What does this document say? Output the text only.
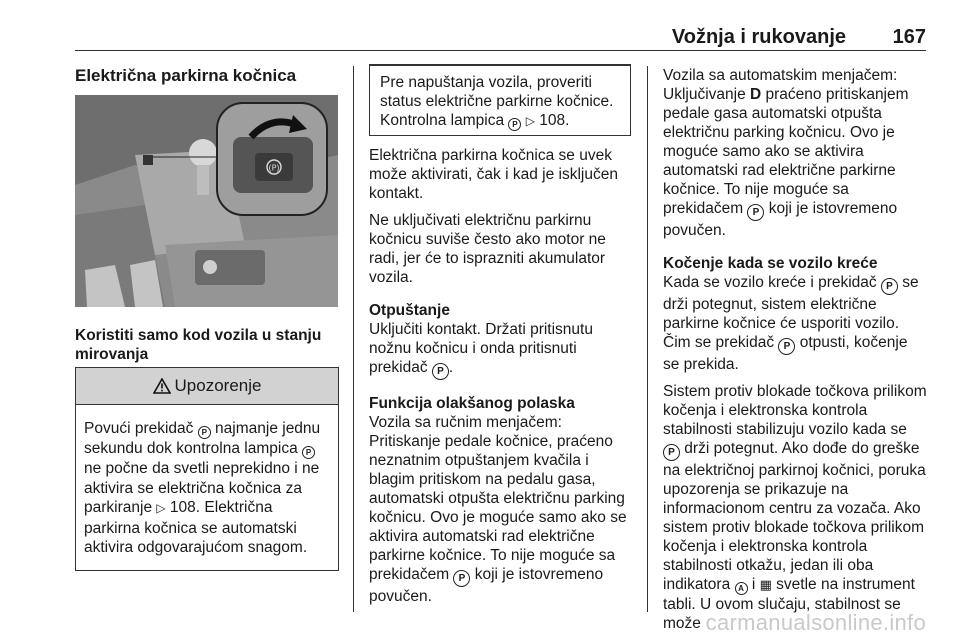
Vožnja i rukovanje 167
Električna parkirna kočnica
(P)
Koristiti samo kod vozila u stanju mirovanja
Upozorenje
Povući prekidač P najmanje jednu sekundu dok kontrolna lampica P ne počne da svetli neprekidno i ne aktivira se električna kočnica za parkiranje ▷ 108. Električna parkirna kočnica se automatski aktivira odgovarajućom snagom.
Pre napuštanja vozila, proveriti status električne parkirne kočnice. Kontrolna lampica P ▷ 108.

Električna parkirna kočnica se uvek može aktivirati, čak i kad je isključen kontakt.

Ne uključivati električnu parkirnu kočnicu suviše često ako motor ne radi, jer će to isprazniti akumulator vozila.

Otpuštanje

Uključiti kontakt. Držati pritisnutu nožnu kočnicu i onda pritisnuti prekidač P .

Funkcija olakšanog polaska

Vozila sa ručnim menjačem:

Pritiskanje pedale kočnice, praćeno neznatnim otpuštanjem kvačila i blagim pritiskom na pedalu gasa, automatski otpušta električnu parking kočnicu. Ovo je moguće samo ako se aktivira automatski rad električne parkirne kočnice. To nije moguće sa prekidačem P koji je istovremeno povučen.

Vozila sa automatskim menjačem: Uključivanje D praćeno pritiskanjem pedale gasa automatski otpušta električnu parking kočnicu. Ovo je moguće samo ako se aktivira automatski rad električne parkirne kočnice. To nije moguće sa prekidačem P koji je istovremeno povučen.

Kočenje kada se vozilo kreće

Kada se vozilo kreće i prekidač P se drži potegnut, sistem električne parkirne kočnice će usporiti vozilo. Čim se prekidač P otpusti, kočenje se prekida.

Sistem protiv blokade točkova prilikom kočenja i elektronska kontrola stabilnosti stabilizuju vozilo kada se P drži potegnut. Ako dođe do greške na električnoj parkirnoj kočnici, poruka upozorenja se prikazuje na informacionom centru za vozača. Ako sistem protiv blokade točkova prilikom kočenja i elektronska kontrola stabilnosti otkažu, jedan ili oba indikatora A i ▦ svetle na instrument tabli. U ovom slučaju, stabilnost se može carmanualsonline.info
